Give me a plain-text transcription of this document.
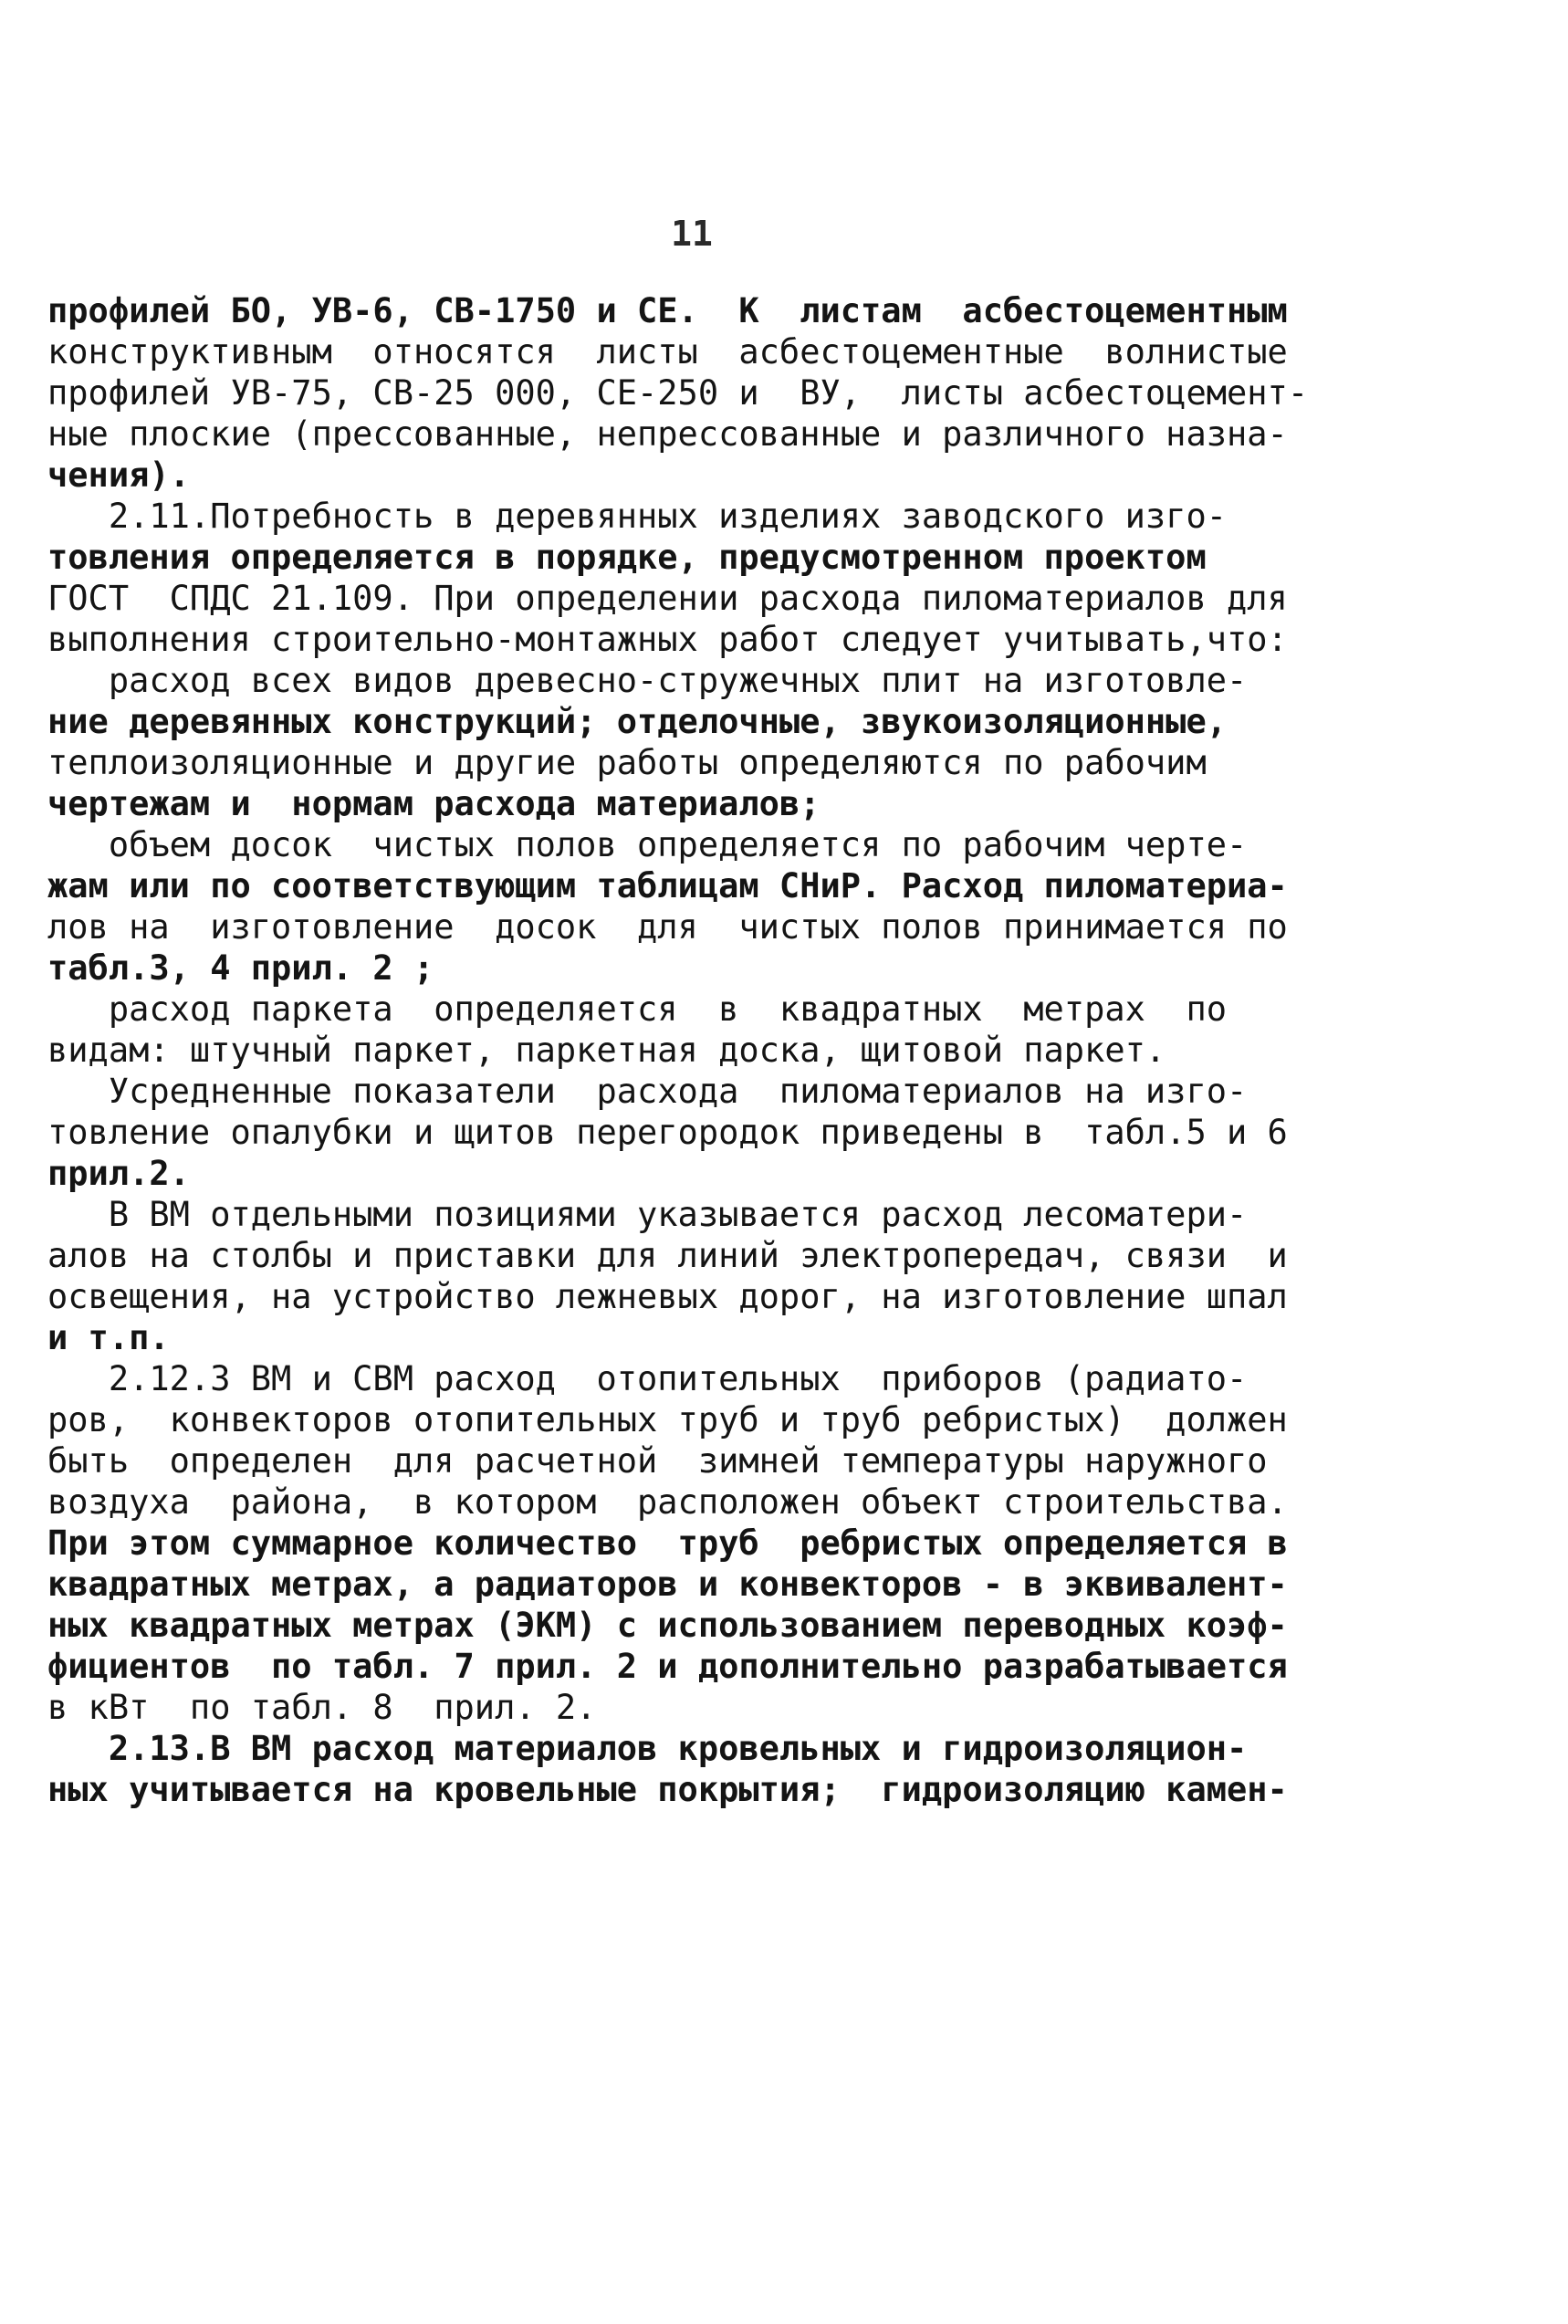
11
профилей БО, УВ-6, СВ-1750 и СЕ.  К  листам  асбестоцементным
конструктивным  относятся  листы  асбестоцементные  волнистые
профилей УВ-75, СВ-25 000, СЕ-250 и  ВУ,  листы асбестоцемент-
ные плоские (прессованные, непрессованные и различного назна-
чения).
2.11.Потребность в деревянных изделиях заводского изго-
товления определяется в порядке, предусмотренном проектом
ГОСТ  СПДС 21.109. При определении расхода пиломатериалов для
выполнения строительно-монтажных работ следует учитывать,что:
расход всех видов древесно-стружечных плит на изготовле-
ние деревянных конструкций; отделочные, звукоизоляционные,
теплоизоляционные и другие работы определяются по рабочим
чертежам и  нормам расхода материалов;
объем досок  чистых полов определяется по рабочим черте-
жам или по соответствующим таблицам СНиР. Расход пиломатериа-
лов на  изготовление  досок  для  чистых полов принимается по
табл.3, 4 прил. 2 ;
расход паркета  определяется  в  квадратных  метрах  по
видам: штучный паркет, паркетная доска, щитовой паркет.
Усредненные показатели  расхода  пиломатериалов на изго-
товление опалубки и щитов перегородок приведены в  табл.5 и 6
прил.2.
В ВМ отдельными позициями указывается расход лесоматери-
алов на столбы и приставки для линий электропередач, связи  и
освещения, на устройство лежневых дорог, на изготовление шпал
и т.п.
2.12.З ВМ и СВМ расход  отопительных  приборов (радиато-
ров,  конвекторов отопительных труб и труб ребристых)  должен
быть  определен  для расчетной  зимней температуры наружного
воздуха  района,  в котором  расположен объект строительства.
При этом суммарное количество  труб  ребристых определяется в
квадратных метрах, а радиаторов и конвекторов - в эквивалент-
ных квадратных метрах (ЭКМ) с использованием переводных коэф-
фициентов  по табл. 7 прил. 2 и дополнительно разрабатывается
в кВт  по табл. 8  прил. 2.
2.13.В ВМ расход материалов кровельных и гидроизоляцион-
ных учитывается на кровельные покрытия;  гидроизоляцию камен-
